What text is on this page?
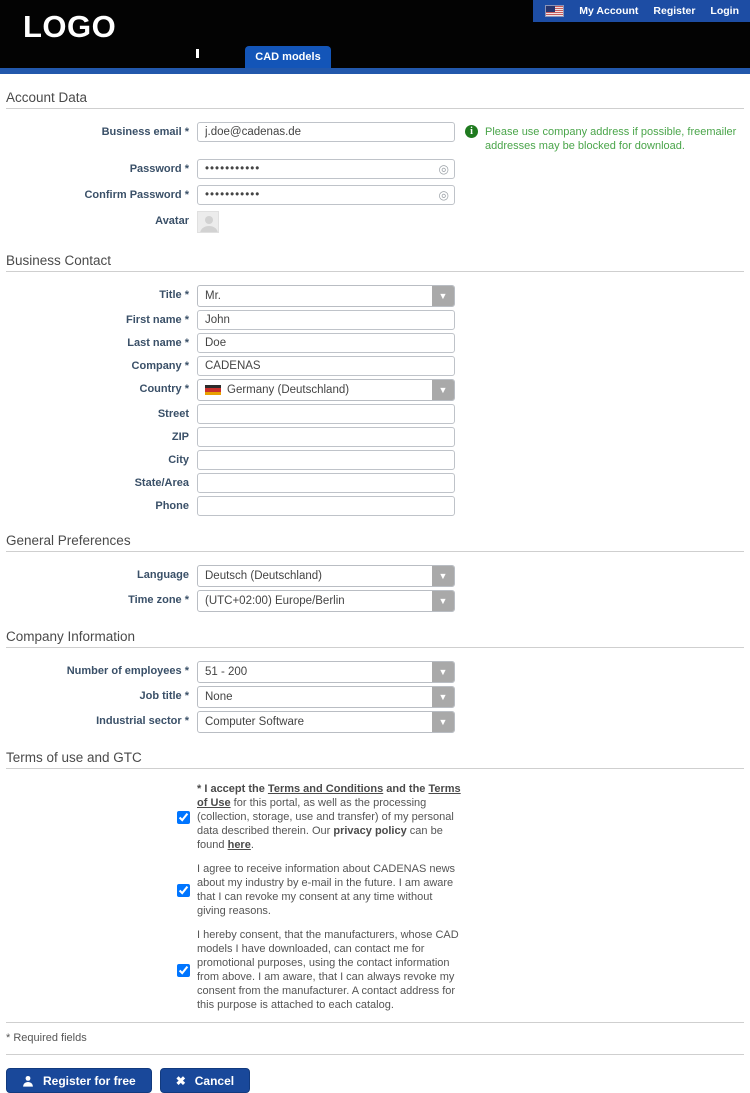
LOGO	My Account Register Login
CAD models
Account Data
Business email *
j.doe@cadenas.de	i	Please use company address if possible, freemailer addresses may be blocked for download.
Password *
•••••••••••	◎
Confirm Password *
•••••••••••	◎
Avatar
Business Contact
Title *	Mr.	▼
First name *
John
Last name *
Doe
Company *
CADENAS
Country *	Germany (Deutschland)	▼
Street
ZIP
City
State/Area
Phone
General Preferences
Language	Deutsch (Deutschland)	▼
Time zone *	(UTC+02:00) Europe/Berlin	▼
Company Information
Number of employees *	51 - 200	▼
Job title *	None	▼
Industrial sector *	Computer Software	▼
Terms of use and GTC

* I accept the Terms and Conditions and the Terms of Use for this portal, as well as the processing (collection, storage, use and transfer) of my personal data described therein. Our privacy policy can be found here.

I agree to receive information about CADENAS news about my industry by e-mail in the future. I am aware that I can revoke my consent at any time without giving reasons.

I hereby consent, that the manufacturers, whose CAD models I have downloaded, can contact me for promotional purposes, using the contact information from above. I am aware, that I can always revoke my consent from the manufacturer. A contact address for this purpose is attached to each catalog.

* Required fields
Register for free	✖ Cancel
